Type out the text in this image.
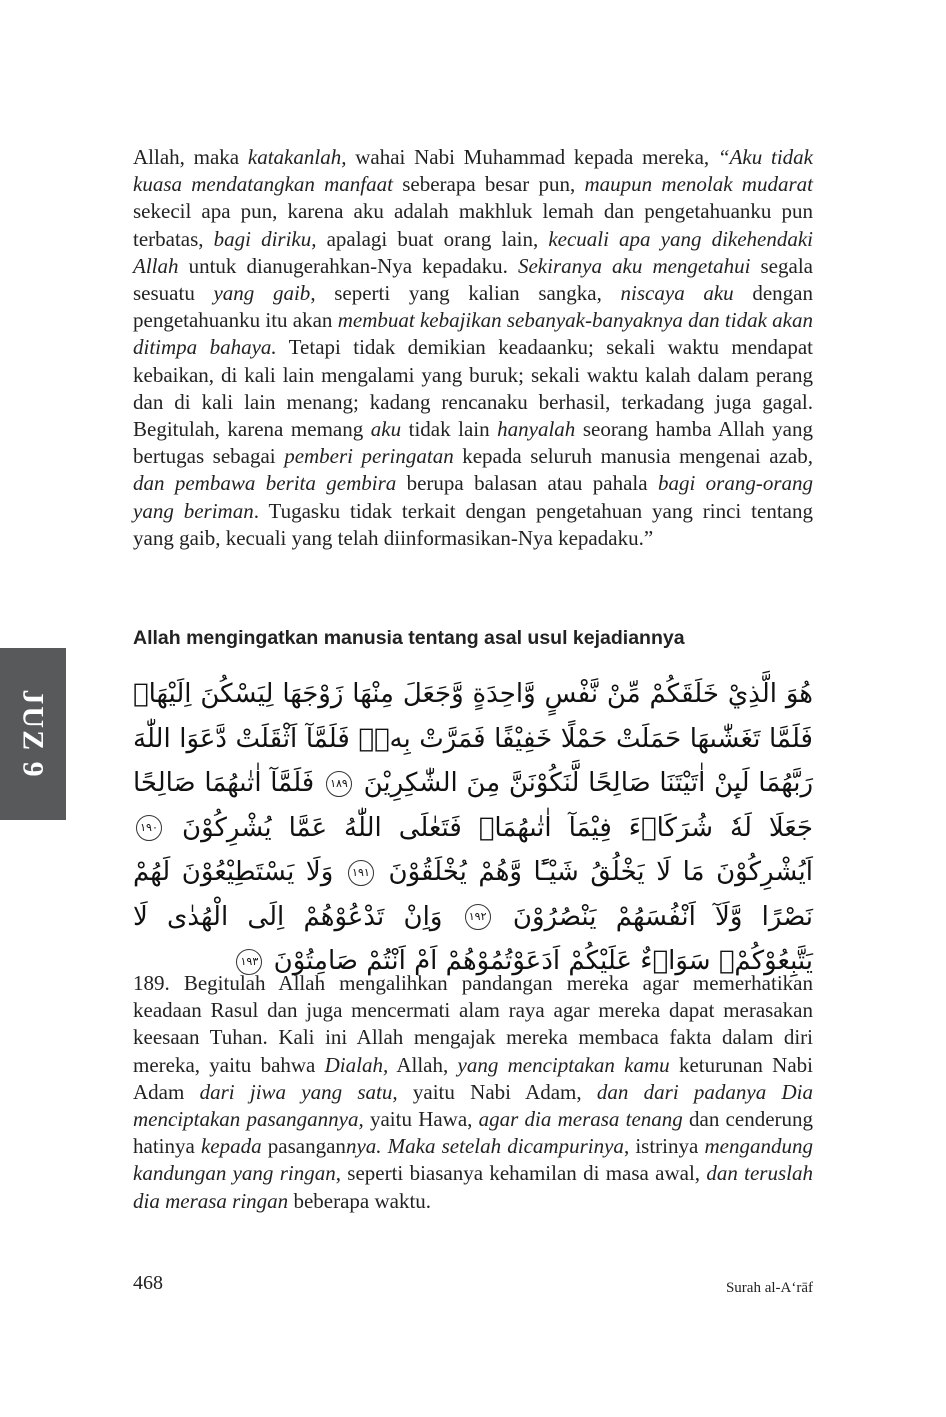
JUZ 9

Allah, maka katakanlah, wahai Nabi Muhammad kepada mereka, “Aku tidak kuasa mendatangkan manfaat seberapa besar pun, maupun menolak mudarat sekecil apa pun, karena aku adalah makhluk lemah dan pengetahuanku pun terbatas, bagi diriku, apalagi buat orang lain, kecuali apa yang dikehendaki Allah untuk dianugerahkan-Nya kepadaku. Sekiranya aku mengetahui segala sesuatu yang gaib, seperti yang kalian sangka, niscaya aku dengan pengetahuanku itu akan membuat kebajikan sebanyak-banyaknya dan tidak akan ditimpa bahaya. Tetapi tidak demikian keadaanku; sekali waktu mendapat kebaikan, di kali lain mengalami yang buruk; sekali waktu kalah dalam perang dan di kali lain menang; kadang rencanaku berhasil, terkadang juga gagal. Begitulah, karena memang aku tidak lain hanyalah seorang hamba Allah yang bertugas sebagai pemberi peringatan kepada seluruh manusia mengenai azab, dan pembawa berita gembira berupa balasan atau pahala bagi orang-orang yang beriman. Tugasku tidak terkait dengan pengetahuan yang rinci tentang yang gaib, kecuali yang telah diinformasikan-Nya kepadaku.”

Allah mengingatkan manusia tentang asal usul kejadiannya

هُوَ الَّذِيْ خَلَقَكُمْ مِّنْ نَّفْسٍ وَّاحِدَةٍ وَّجَعَلَ مِنْهَا زَوْجَهَا لِيَسْكُنَ اِلَيْهَاۚ فَلَمَّا تَغَشّٰىهَا حَمَلَتْ حَمْلًا خَفِيْفًا فَمَرَّتْ بِهٖۚ فَلَمَّآ اَثْقَلَتْ دَّعَوَا اللّٰهَ رَبَّهُمَا لَىِٕنْ اٰتَيْتَنَا صَالِحًا لَّنَكُوْنَنَّ مِنَ الشّٰكِرِيْنَ ١٨٩ فَلَمَّآ اٰتٰىهُمَا صَالِحًا جَعَلَا لَهٗ شُرَكَاۤءَ فِيْمَآ اٰتٰىهُمَاۚ فَتَعٰلَى اللّٰهُ عَمَّا يُشْرِكُوْنَ ١٩٠ اَيُشْرِكُوْنَ مَا لَا يَخْلُقُ شَيْـًٔا وَّهُمْ يُخْلَقُوْنَ ١٩١ وَلَا يَسْتَطِيْعُوْنَ لَهُمْ نَصْرًا وَّلَآ اَنْفُسَهُمْ يَنْصُرُوْنَ ١٩٢ وَاِنْ تَدْعُوْهُمْ اِلَى الْهُدٰى لَا يَتَّبِعُوْكُمْۗ سَوَاۤءٌ عَلَيْكُمْ اَدَعَوْتُمُوْهُمْ اَمْ اَنْتُمْ صَامِتُوْنَ ١٩٣

189. Begitulah Allah mengalihkan pandangan mereka agar memerhatikan keadaan Rasul dan juga mencermati alam raya agar mereka dapat merasakan keesaan Tuhan. Kali ini Allah mengajak mereka membaca fakta dalam diri mereka, yaitu bahwa Dialah, Allah, yang menciptakan kamu keturunan Nabi Adam dari jiwa yang satu, yaitu Nabi Adam, dan dari padanya Dia menciptakan pasangannya, yaitu Hawa, agar dia merasa tenang dan cenderung hatinya kepada pasangannya. Maka setelah dicampurinya, istrinya mengandung kandungan yang ringan, seperti biasanya kehamilan di masa awal, dan teruslah dia merasa ringan beberapa waktu.

468	Surah al-A‘rāf
